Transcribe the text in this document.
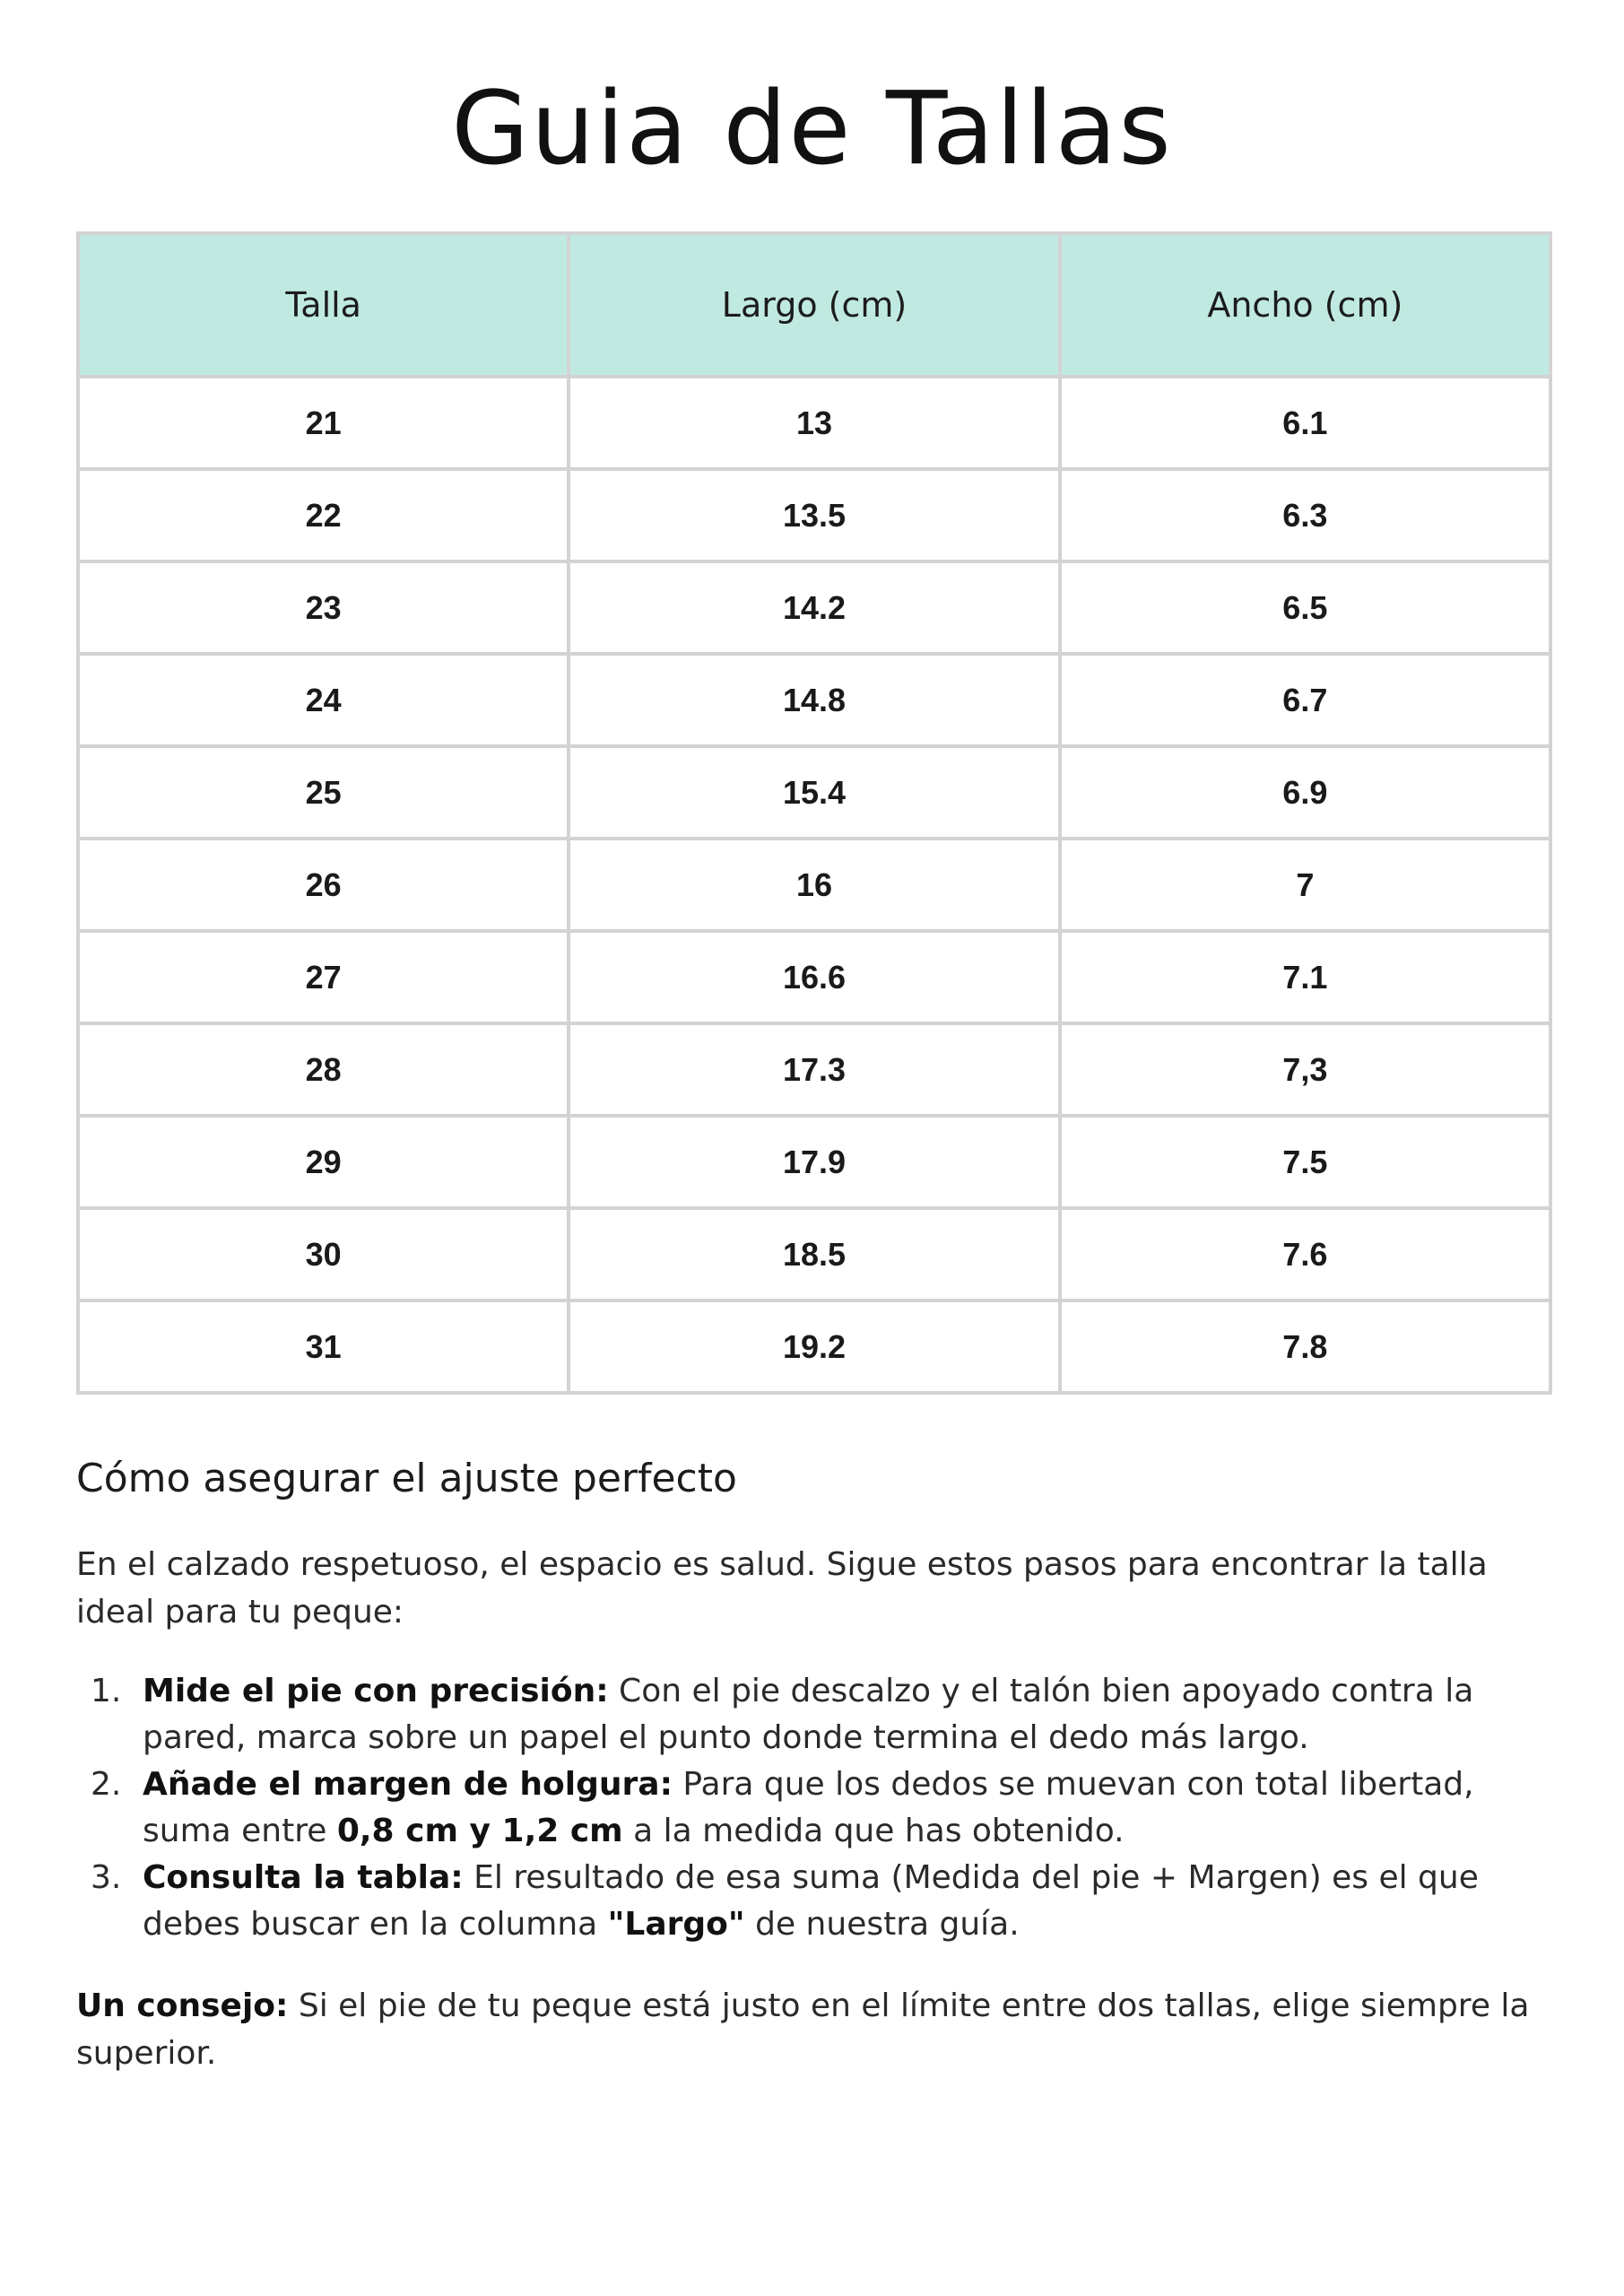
Guia de Tallas
Talla	Largo (cm)	Ancho (cm)
21	13	6.1
22	13.5	6.3
23	14.2	6.5
24	14.8	6.7
25	15.4	6.9
26	16	7
27	16.6	7.1
28	17.3	7,3
29	17.9	7.5
30	18.5	7.6
31	19.2	7.8
Cómo asegurar el ajuste perfecto

En el calzado respetuoso, el espacio es salud. Sigue estos pasos para encontrar la talla ideal para tu peque:

1. Mide el pie con precisión: Con el pie descalzo y el talón bien apoyado contra la pared, marca sobre un papel el punto donde termina el dedo más largo.
2. Añade el margen de holgura: Para que los dedos se muevan con total libertad, suma entre 0,8 cm y 1,2 cm a la medida que has obtenido.
3. Consulta la tabla: El resultado de esa suma (Medida del pie + Margen) es el que debes buscar en la columna "Largo" de nuestra guía.

Un consejo: Si el pie de tu peque está justo en el límite entre dos tallas, elige siempre la superior.
